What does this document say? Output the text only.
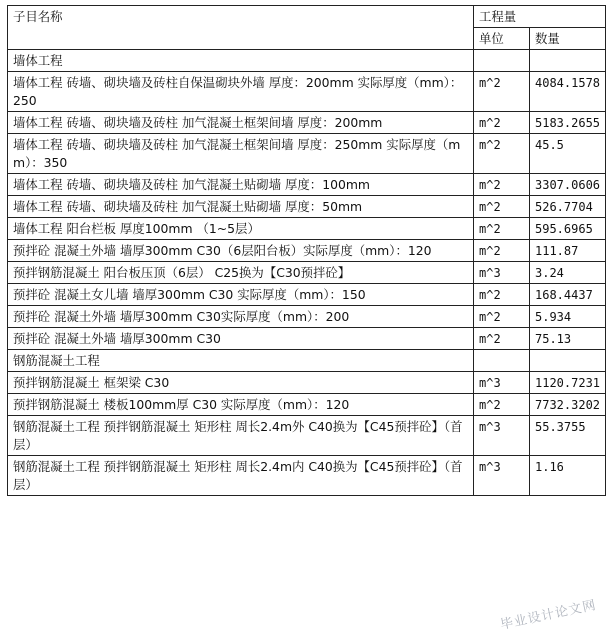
子目名称	工程量	
	单位	数量
墙体工程		
墙体工程 砖墙、砌块墙及砖柱自保温砌块外墙 厚度：200mm 实际厚度（mm）：250	m^2	4084.1578
墙体工程 砖墙、砌块墙及砖柱 加气混凝土框架间墙 厚度：200mm	m^2	5183.2655
墙体工程 砖墙、砌块墙及砖柱 加气混凝土框架间墙 厚度：250mm 实际厚度（mm）：350	m^2	45.5
墙体工程 砖墙、砌块墙及砖柱 加气混凝土贴砌墙 厚度：100mm	m^2	3307.0606
墙体工程 砖墙、砌块墙及砖柱 加气混凝土贴砌墙 厚度：50mm	m^2	526.7704
墙体工程 阳台栏板 厚度100mm （1~5层）	m^2	595.6965
预拌砼 混凝土外墙 墙厚300mm C30（6层阳台板）实际厚度（mm）：120	m^2	111.87
预拌钢筋混凝土 阳台板压顶（6层） C25换为【C30预拌砼】	m^3	3.24
预拌砼 混凝土女儿墙 墙厚300mm C30 实际厚度（mm）：150	m^2	168.4437
预拌砼 混凝土外墙 墙厚300mm C30实际厚度（mm）：200	m^2	5.934
预拌砼 混凝土外墙 墙厚300mm C30	m^2	75.13
钢筋混凝土工程		
预拌钢筋混凝土 框架梁 C30	m^3	1120.7231
预拌钢筋混凝土 楼板100mm厚 C30 实际厚度（mm）：120	m^2	7732.3202
钢筋混凝土工程 预拌钢筋混凝土 矩形柱 周长2.4m外 C40换为【C45预拌砼】（首层）	m^3	55.3755
钢筋混凝土工程 预拌钢筋混凝土 矩形柱 周长2.4m内 C40换为【C45预拌砼】（首层）	m^3	1.16
毕业设计论文网
